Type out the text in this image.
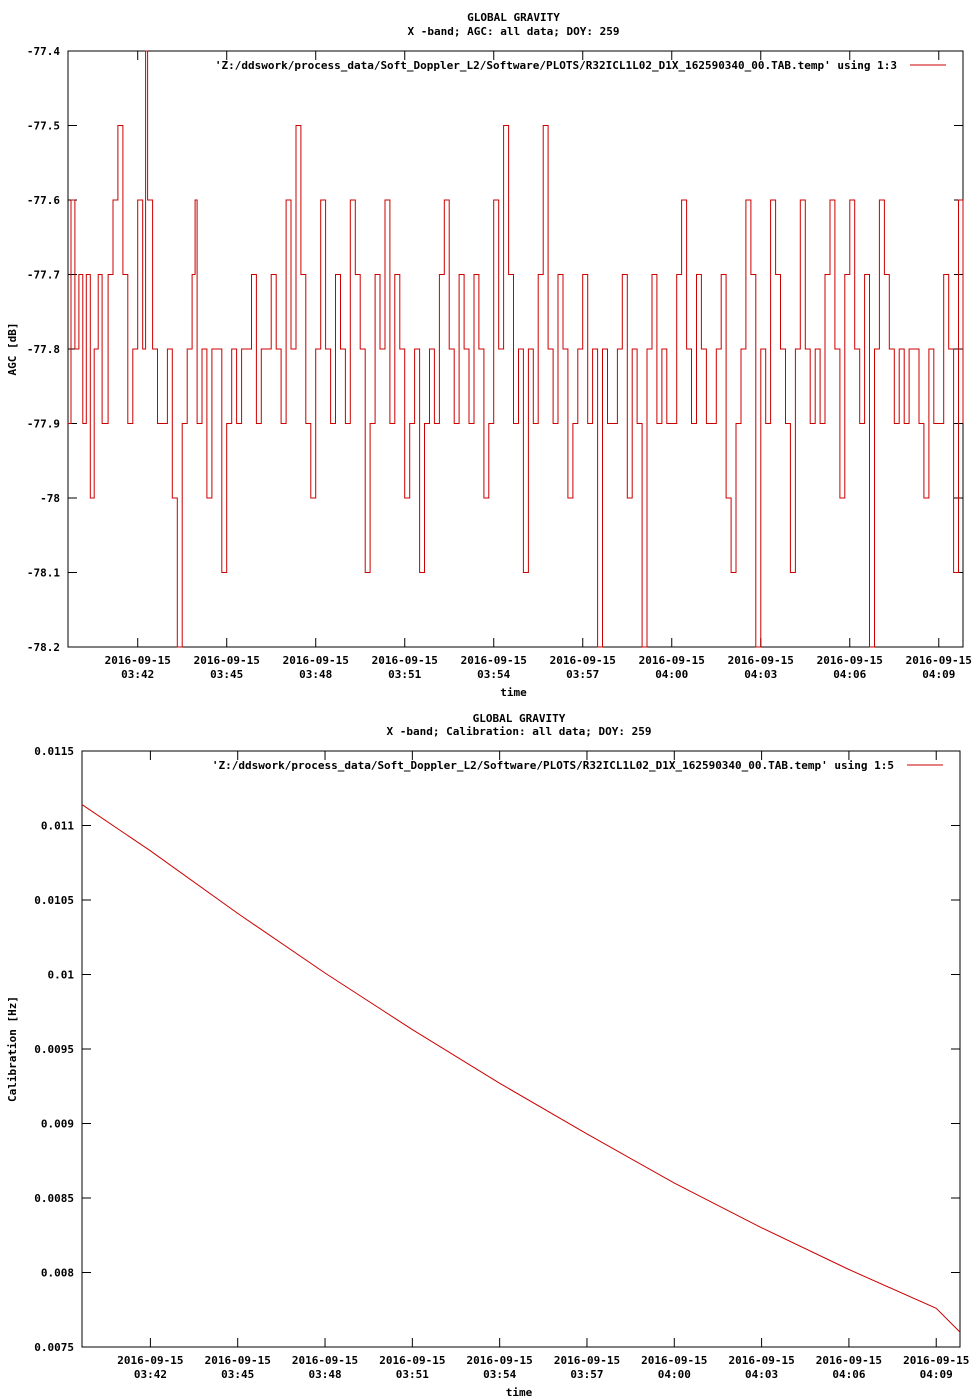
GLOBAL GRAVITY
X -band; AGC: all data; DOY: 259
-77.4
-77.5
-77.6
-77.7
-77.8
-77.9
-78
-78.1
-78.2
2016-09-15
03:42
2016-09-15
03:45
2016-09-15
03:48
2016-09-15
03:51
2016-09-15
03:54
2016-09-15
03:57
2016-09-15
04:00
2016-09-15
04:03
2016-09-15
04:06
2016-09-15
04:09
time
AGC [dB]
'Z:/ddswork/process_data/Soft_Doppler_L2/Software/PLOTS/R32ICL1L02_D1X_162590340_00.TAB.temp' using 1:3
GLOBAL GRAVITY
X -band; Calibration: all data; DOY: 259
0.0115
0.011
0.0105
0.01
0.0095
0.009
0.0085
0.008
0.0075
2016-09-15
03:42
2016-09-15
03:45
2016-09-15
03:48
2016-09-15
03:51
2016-09-15
03:54
2016-09-15
03:57
2016-09-15
04:00
2016-09-15
04:03
2016-09-15
04:06
2016-09-15
04:09
time
Calibration [Hz]
'Z:/ddswork/process_data/Soft_Doppler_L2/Software/PLOTS/R32ICL1L02_D1X_162590340_00.TAB.temp' using 1:5
